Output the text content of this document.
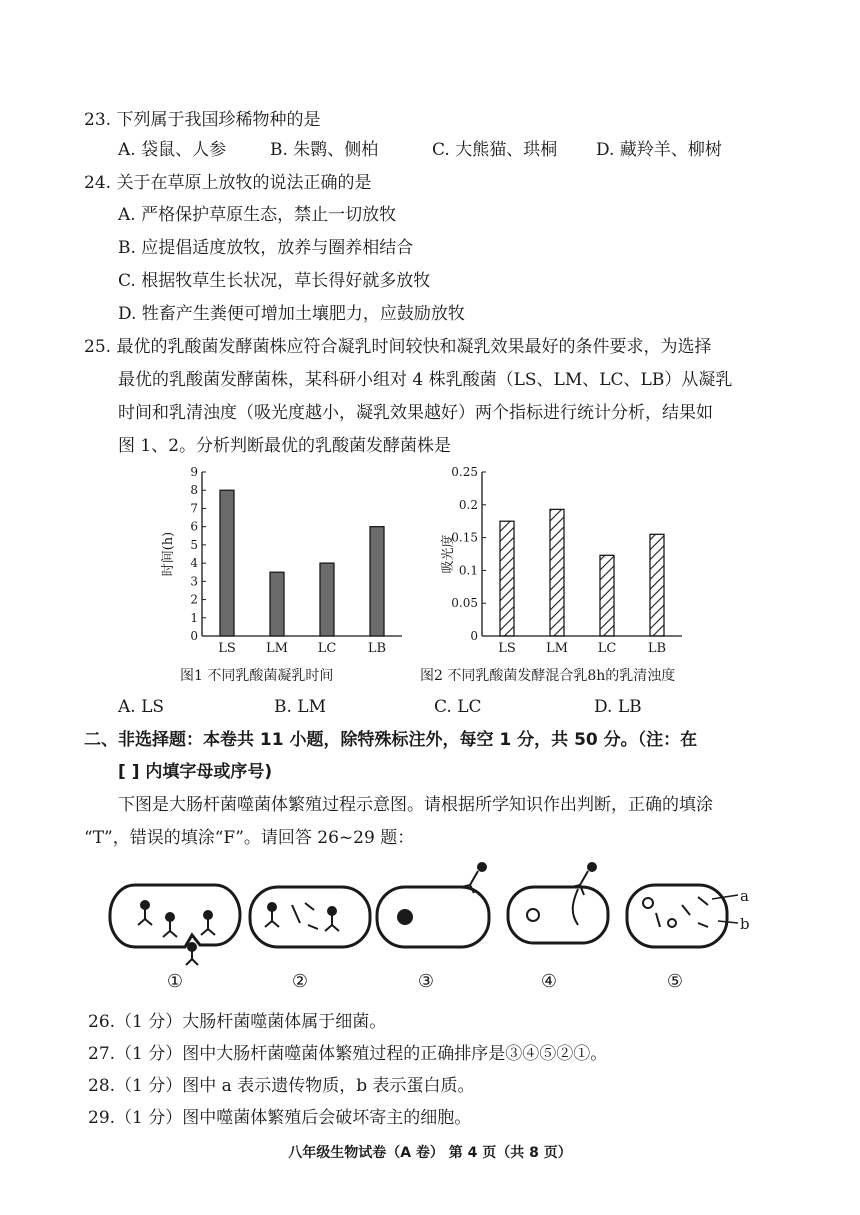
23. 下列属于我国珍稀物种的是
A. 袋鼠、人参	B. 朱鹮、侧柏	C. 大熊猫、珙桐 D. 藏羚羊、柳树
24. 关于在草原上放牧的说法正确的是
A. 严格保护草原生态，禁止一切放牧
B. 应提倡适度放牧，放养与圈养相结合
C. 根据牧草生长状况，草长得好就多放牧
D. 牲畜产生粪便可增加土壤肥力，应鼓励放牧
25. 最优的乳酸菌发酵菌株应符合凝乳时间较快和凝乳效果最好的条件要求，为选择
最优的乳酸菌发酵菌株，某科研小组对 4 株乳酸菌（LS、LM、LC、LB）从凝乳
时间和乳清浊度（吸光度越小，凝乳效果越好）两个指标进行统计分析，结果如
图 1、2。分析判断最优的乳酸菌发酵菌株是
0
1
2
3
4
5
6
7
8
9
时间(h)
LS LM LC LB
0
0.05
0.1
0.15
0.2
0.25
吸光度
LS LM LC LB
图1 不同乳酸菌凝乳时间	图2 不同乳酸菌发酵混合乳8h的乳清浊度
A. LS	B. LM	C. LC	D. LB
二、非选择题：本卷共 11 小题，除特殊标注外，每空 1 分，共 50 分。（注：在
[ ] 内填字母或序号)
下图是大肠杆菌噬菌体繁殖过程示意图。请根据所学知识作出判断，正确的填涂
“T”，错误的填涂“F”。请回答 26~29 题：
a
b
①	②	③	④	⑤
26.（1 分）大肠杆菌噬菌体属于细菌。
27.（1 分）图中大肠杆菌噬菌体繁殖过程的正确排序是③④⑤②①。
28.（1 分）图中 a 表示遗传物质，b 表示蛋白质。
29.（1 分）图中噬菌体繁殖后会破坏寄主的细胞。
八年级生物试卷（A 卷） 第 4 页（共 8 页）
